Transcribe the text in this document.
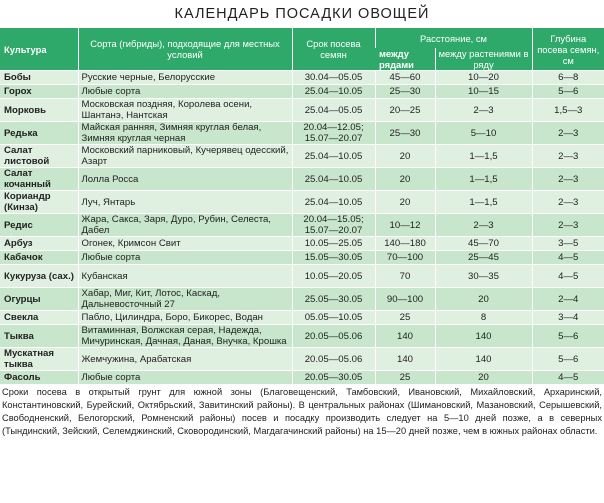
КАЛЕНДАРЬ ПОСАДКИ ОВОЩЕЙ
Культура	Сорта (гибриды), подходящие для местных условий	Срок посева семян	Расстояние, см		Глубина посева семян, см
			между рядами	между растениями в ряду	
Бобы	Русские черные, Белорусские	30.04—05.05	45—60	10—20	6—8
Горох	Любые сорта	25.04—10.05	25—30	10—15	5—6
Морковь	Московская поздняя, Королева осени, Шантанэ, Нантская	25.04—05.05	20—25	2—3	1,5—3
Редька	Майская ранняя, Зимняя круглая белая, Зимняя круглая черная	20.04—12.05; 15.07—20.07	25—30	5—10	2—3
Салат листовой	Московский парниковый, Кучерявец одесский, Азарт	25.04—10.05	20	1—1,5	2—3
Салат кочанный	Лолла Росса	25.04—10.05	20	1—1,5	2—3
Кориандр (Кинза)	Луч, Янтарь	25.04—10.05	20	1—1,5	2—3
Редис	Жара, Сакса, Заря, Дуро, Рубин, Селеста, Дабел	20.04—15.05; 15.07—20.07	10—12	2—3	2—3
Арбуз	Огонек, Кримсон Свит	10.05—25.05	140—180	45—70	3—5
Кабачок	Любые сорта	15.05—30.05	70—100	25—45	4—5
Кукуруза (сах.)	Кубанская	10.05—20.05	70	30—35	4—5
Огурцы	Хабар, Миг, Кит, Лотос, Каскад, Дальневосточный 27	25.05—30.05	90—100	20	2—4
Свекла	Пабло, Цилиндра, Боро, Бикорес, Водан	05.05—10.05	25	8	3—4
Тыква	Витаминная, Волжская серая, Надежда, Мичуринская, Дачная, Даная, Внучка, Крошка	20.05—05.06	140	140	5—6
Мускатная тыква	Жемчужина, Арабатская	20.05—05.06	140	140	5—6
Фасоль	Любые сорта	20.05—30.05	25	20	4—5
Сроки посева в открытый грунт для южной зоны (Благовещенский, Тамбовский, Ивановский, Михайловский, Архаринский, Константиновский, Бурейский, Октябрьский, Завитинский районы). В центральных районах (Шимановский, Мазановский, Серышевский, Свободненский, Белогорский, Ромненский районы) посев и посадку производить следует на 5—10 дней позже, а в северных (Тындинский, Зейский, Селемджинский, Сковородинский, Магдагачинский районы) на 15—20 дней позже, чем в южных районах области.
